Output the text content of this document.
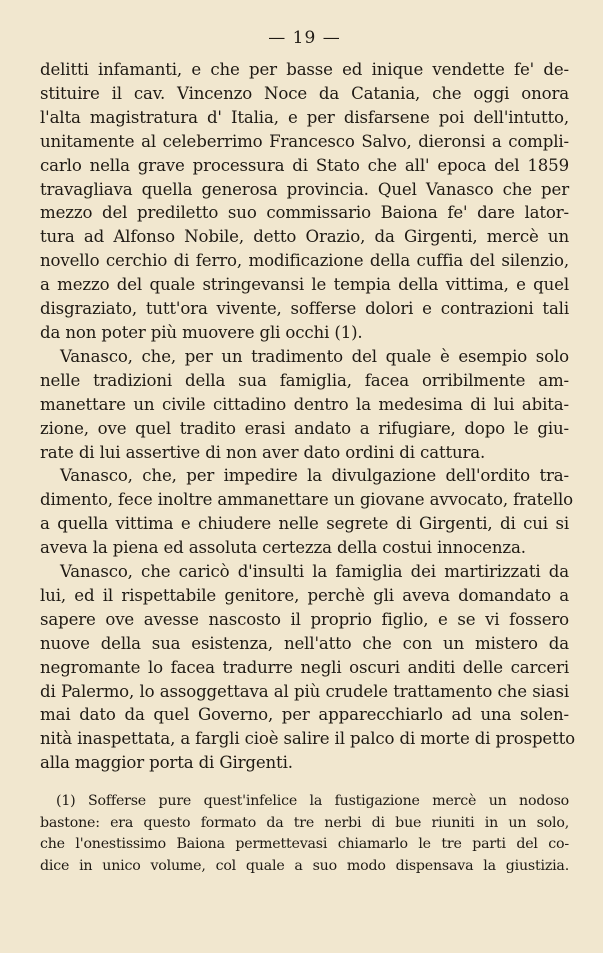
— 19 —
delitti infamanti, e che per basse ed inique vendette fe' de-
stituire il cav. Vincenzo Noce da Catania, che oggi onora
l'alta magistratura d' Italia, e per disfarsene poi dell'intutto,
unitamente al celeberrimo Francesco Salvo, dieronsi a compli-
carlo nella grave processura di Stato che all' epoca del 1859
travagliava quella generosa provincia. Quel Vanasco che per
mezzo del prediletto suo commissario Baiona fe' dare lator-
tura ad Alfonso Nobile, detto Orazio, da Girgenti, mercè un
novello cerchio di ferro, modificazione della cuffia del silenzio,
a mezzo del quale stringevansi le tempia della vittima, e quel
disgraziato, tutt'ora vivente, sofferse dolori e contrazioni tali
da non poter più muovere gli occhi (1).
Vanasco, che, per un tradimento del quale è esempio solo
nelle tradizioni della sua famiglia, facea orribilmente am-
manettare un civile cittadino dentro la medesima di lui abita-
zione, ove quel tradito erasi andato a rifugiare, dopo le giu-
rate di lui assertive di non aver dato ordini di cattura.
Vanasco, che, per impedire la divulgazione dell'ordito tra-
dimento, fece inoltre ammanettare un giovane avvocato, fratello
a quella vittima e chiudere nelle segrete di Girgenti, di cui si
aveva la piena ed assoluta certezza della costui innocenza.
Vanasco, che caricò d'insulti la famiglia dei martirizzati da
lui, ed il rispettabile genitore, perchè gli aveva domandato a
sapere ove avesse nascosto il proprio figlio, e se vi fossero
nuove della sua esistenza, nell'atto che con un mistero da
negromante lo facea tradurre negli oscuri anditi delle carceri
di Palermo, lo assoggettava al più crudele trattamento che siasi
mai dato da quel Governo, per apparecchiarlo ad una solen-
nità inaspettata, a fargli cioè salire il palco di morte di prospetto
alla maggior porta di Girgenti.
(1) Sofferse pure quest'infelice la fustigazione mercè un nodoso
bastone: era questo formato da tre nerbi di bue riuniti in un solo,
che l'onestissimo Baiona permettevasi chiamarlo le tre parti del co-
dice in unico volume, col quale a suo modo dispensava la giustizia.
